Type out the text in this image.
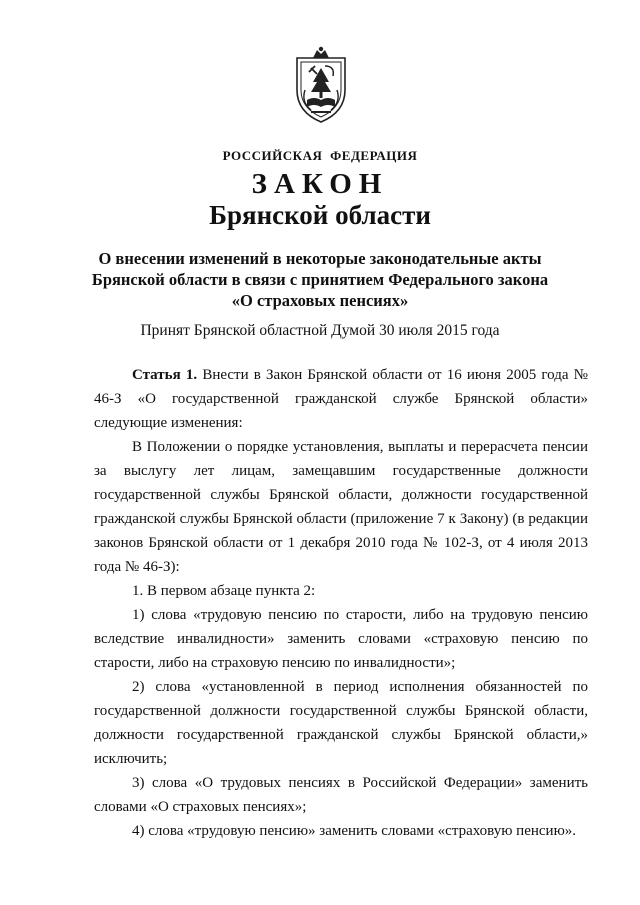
РОССИЙСКАЯ ФЕДЕРАЦИЯ
ЗАКОН
Брянской области
О внесении изменений в некоторые законодательные акты
Брянской области в связи с принятием Федерального закона
«О страховых пенсиях»
Принят Брянской областной Думой 30 июля 2015 года

Статья 1. Внести в Закон Брянской области от 16 июня 2005 года № 46-З «О государственной гражданской службе Брянской области» следующие изменения:

В Положении о порядке установления, выплаты и перерасчета пенсии за выслугу лет лицам, замещавшим государственные должности государственной службы Брянской области, должности государственной гражданской службы Брянской области (приложение 7 к Закону) (в редакции законов Брянской области от 1 декабря 2010 года № 102-З, от 4 июля 2013 года № 46-З):

1. В первом абзаце пункта 2:

1) слова «трудовую пенсию по старости, либо на трудовую пенсию вследствие инвалидности» заменить словами «страховую пенсию по старости, либо на страховую пенсию по инвалидности»;

2) слова «установленной в период исполнения обязанностей по государственной должности государственной службы Брянской области, должности государственной гражданской службы Брянской области,» исключить;

3) слова «О трудовых пенсиях в Российской Федерации» заменить словами «О страховых пенсиях»;

4) слова «трудовую пенсию» заменить словами «страховую пенсию».
